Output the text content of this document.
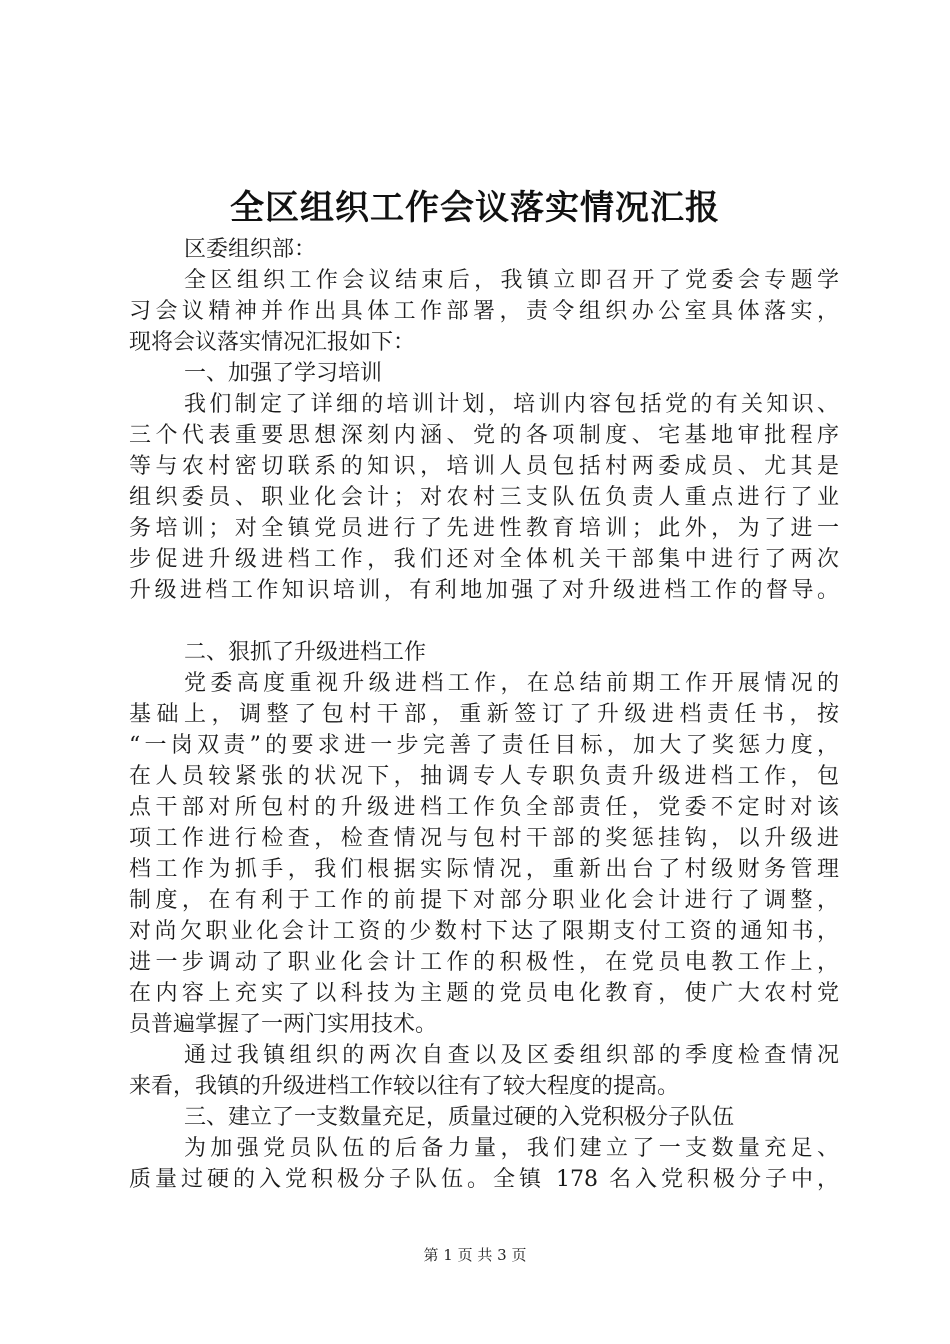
全区组织工作会议落实情况汇报
区委组织部：
全区组织工作会议结束后，我镇立即召开了党委会专题学
习会议精神并作出具体工作部署，责令组织办公室具体落实，
现将会议落实情况汇报如下：
一、加强了学习培训
我们制定了详细的培训计划，培训内容包括党的有关知识、
三个代表重要思想深刻内涵、党的各项制度、宅基地审批程序
等与农村密切联系的知识，培训人员包括村两委成员、尤其是
组织委员、职业化会计；对农村三支队伍负责人重点进行了业
务培训；对全镇党员进行了先进性教育培训；此外，为了进一
步促进升级进档工作，我们还对全体机关干部集中进行了两次
升级进档工作知识培训，有利地加强了对升级进档工作的督导。
二、狠抓了升级进档工作
党委高度重视升级进档工作，在总结前期工作开展情况的
基础上，调整了包村干部，重新签订了升级进档责任书，按
“一岗双责”的要求进一步完善了责任目标，加大了奖惩力度，
在人员较紧张的状况下，抽调专人专职负责升级进档工作，包
点干部对所包村的升级进档工作负全部责任，党委不定时对该
项工作进行检查，检查情况与包村干部的奖惩挂钩，以升级进
档工作为抓手，我们根据实际情况，重新出台了村级财务管理
制度，在有利于工作的前提下对部分职业化会计进行了调整，
对尚欠职业化会计工资的少数村下达了限期支付工资的通知书，
进一步调动了职业化会计工作的积极性，在党员电教工作上，
在内容上充实了以科技为主题的党员电化教育，使广大农村党
员普遍掌握了一两门实用技术。
通过我镇组织的两次自查以及区委组织部的季度检查情况
来看，我镇的升级进档工作较以往有了较大程度的提高。
三、建立了一支数量充足，质量过硬的入党积极分子队伍
为加强党员队伍的后备力量，我们建立了一支数量充足、
质量过硬的入党积极分子队伍。全镇 178 名入党积极分子中，
第 1 页 共 3 页
